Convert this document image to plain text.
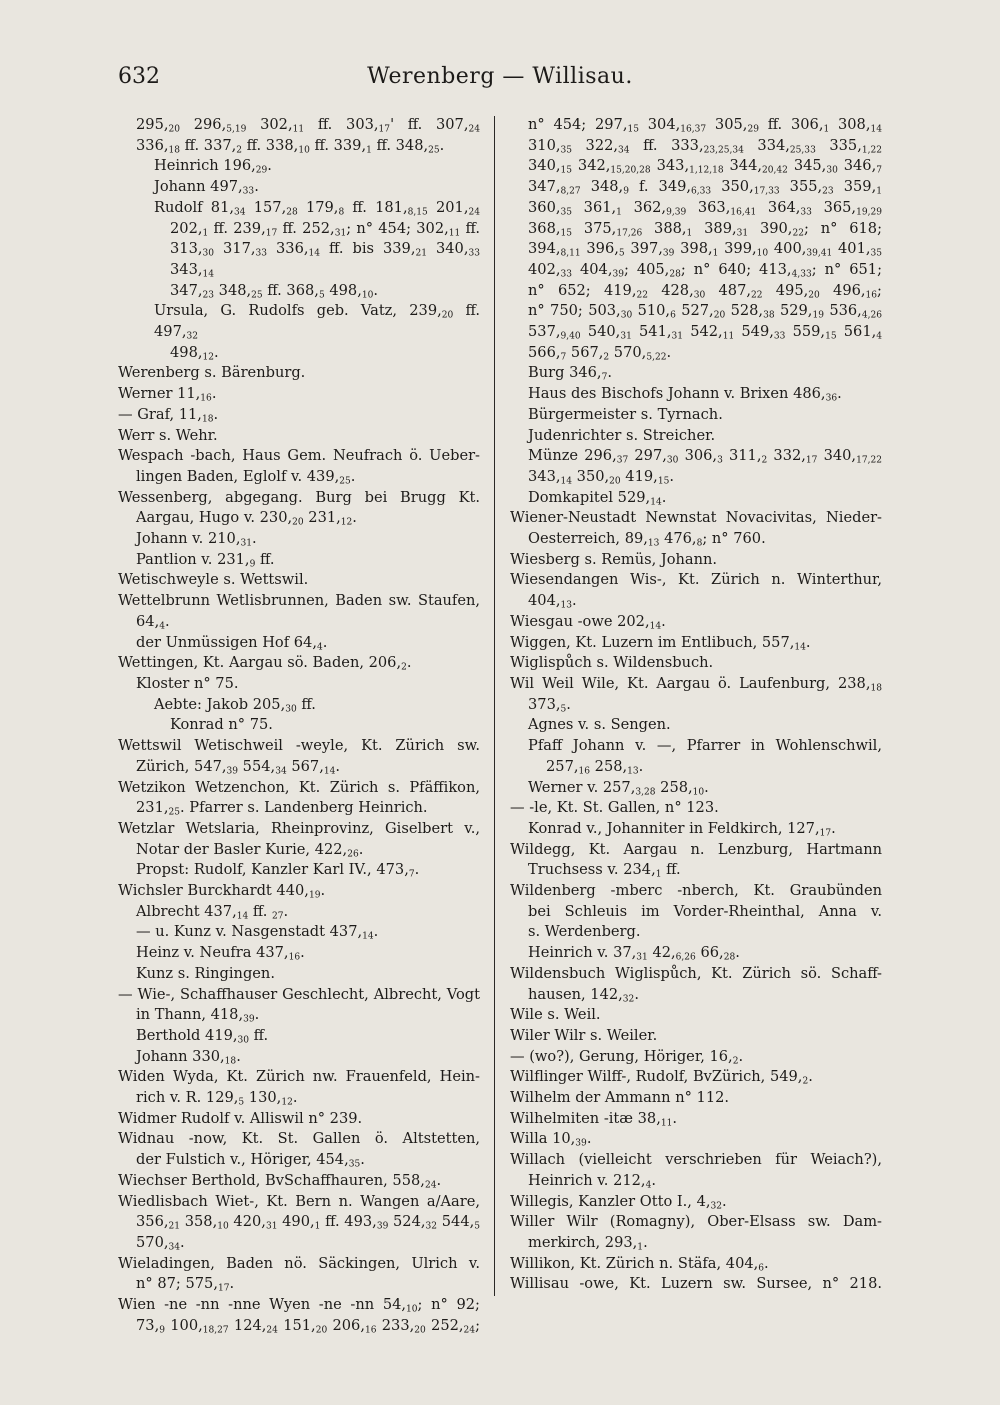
632	Werenberg — Willisau.
$295,_{20}$ $296,_{5,19}$ $302,_{11}$ ff. $303,_{17}'$ ff. $307,_{24}$
$336,_{18}$ ff. $337,_2$ ff. $338,_{10}$ ff. $339,_1$ ff. $348,_{25}$.
Heinrich $196,_{29}$.
Johann $497,_{33}$.
Rudolf $81,_{34}$ $157,_{28}$ $179,_8$ ff. $181,_{8,15}$ $201,_{24}$
$202,_1$ ff. $239,_{17}$ ff. $252,_{31}$; n° 454; $302,_{11}$ ff.
$313,_{30}$ $317,_{33}$ $336,_{14}$ ff. bis $339,_{21}$ $340,_{33}$ $343,_{14}$
$347,_{23}$ $348,_{25}$ ff. $368,_5$ $498,_{10}$.
Ursula, G. Rudolfs geb. Vatz, $239,_{20}$ ff. $497,_{32}$
$498,_{12}$.
Werenberg s. Bärenburg.
Werner $11,_{16}$.
— Graf, $11,_{18}$.
Werr s. Wehr.
Wespach -bach, Haus Gem. Neufrach ö. Ueber-
lingen Baden, Eglolf v. $439,_{25}$.
Wessenberg, abgegang. Burg bei Brugg Kt.
Aargau, Hugo v. $230,_{20}$ $231,_{12}$.
Johann v. $210,_{31}$.
Pantlion v. $231,_9$ ff.
Wetischweyle s. Wettswil.
Wettelbrunn Wetlisbrunnen, Baden sw. Staufen,
$64,_4$.
der Unmüssigen Hof $64,_4$.
Wettingen, Kt. Aargau sö. Baden, $206,_2$.
Kloster n° 75.
Aebte: Jakob $205,_{30}$ ff.
Konrad n° 75.
Wettswil Wetischweil -weyle, Kt. Zürich sw.
Zürich, $547,_{39}$ $554,_{34}$ $567,_{14}$.
Wetzikon Wetzenchon, Kt. Zürich s. Pfäffikon,
$231,_{25}$. Pfarrer s. Landenberg Heinrich.
Wetzlar Wetslaria, Rheinprovinz, Giselbert v.,
Notar der Basler Kurie, $422,_{26}$.
Propst: Rudolf, Kanzler Karl IV., $473,_7$.
Wichsler Burckhardt $440,_{19}$.
Albrecht $437,_{14}$ ff. $_{27}$.
— u. Kunz v. Nasgenstadt $437,_{14}$.
Heinz v. Neufra $437,_{16}$.
Kunz s. Ringingen.
— Wie-, Schaffhauser Geschlecht, Albrecht, Vogt
in Thann, $418,_{39}$.
Berthold $419,_{30}$ ff.
Johann $330,_{18}$.
Widen Wyda, Kt. Zürich nw. Frauenfeld, Hein-
rich v. R. $129,_5$ $130,_{12}$.
Widmer Rudolf v. Alliswil n° 239.
Widnau -now, Kt. St. Gallen ö. Altstetten,
der Fulstich v., Höriger, $454,_{35}$.
Wiechser Berthold, BvSchaffhauren, $558,_{24}$.
Wiedlisbach Wiet-, Kt. Bern n. Wangen a/Aare,
$356,_{21}$ $358,_{10}$ $420,_{31}$ $490,_1$ ff. $493,_{39}$ $524,_{32}$ $544,_5$
$570,_{34}$.
Wieladingen, Baden nö. Säckingen, Ulrich v.
n° 87; $575,_{17}$.
Wien -ne -nn -nne Wyen -ne -nn $54,_{10}$; n° 92;
$73,_9$ $100,_{18,27}$ $124,_{24}$ $151,_{20}$ $206,_{16}$ $233,_{20}$ $252,_{24}$;
n° 454; $297,_{15}$ $304,_{16,37}$ $305,_{29}$ ff. $306,_1$ $308,_{14}$
$310,_{35}$ $322,_{34}$ ff. $333,_{23,25,34}$ $334,_{25,33}$ $335,_{1,22}$
$340,_{15}$ $342,_{15,20,28}$ $343,_{1,12,18}$ $344,_{20,42}$ $345,_{30}$ $346,_7$
$347,_{8,27}$ $348,_9$ f. $349,_{6,33}$ $350,_{17,33}$ $355,_{23}$ $359,_1$
$360,_{35}$ $361,_1$ $362,_{9,39}$ $363,_{16,41}$ $364,_{33}$ $365,_{19,29}$
$368,_{15}$ $375,_{17,26}$ $388,_1$ $389,_{31}$ $390,_{22}$; n° 618;
$394,_{8,11}$ $396,_5$ $397,_{39}$ $398,_1$ $399,_{10}$ $400,_{39,41}$ $401,_{35}$
$402,_{33}$ $404,_{39}$; $405,_{28}$; n° 640; $413,_{4,33}$; n° 651;
n° 652; $419,_{22}$ $428,_{30}$ $487,_{22}$ $495,_{20}$ $496,_{16}$;
n° 750; $503,_{30}$ $510,_6$ $527,_{20}$ $528,_{38}$ $529,_{19}$ $536,_{4,26}$
$537,_{9,40}$ $540,_{31}$ $541,_{31}$ $542,_{11}$ $549,_{33}$ $559,_{15}$ $561,_4$
$566,_7$ $567,_2$ $570,_{5,22}$.
Burg $346,_7$.
Haus des Bischofs Johann v. Brixen $486,_{36}$.
Bürgermeister s. Tyrnach.
Judenrichter s. Streicher.
Münze $296,_{37}$ $297,_{30}$ $306,_3$ $311,_2$ $332,_{17}$ $340,_{17,22}$
$343,_{14}$ $350,_{20}$ $419,_{15}$.
Domkapitel $529,_{14}$.
Wiener-Neustadt Newnstat Novacivitas, Nieder-
Oesterreich, $89,_{13}$ $476,_8$; n° 760.
Wiesberg s. Remüs, Johann.
Wiesendangen Wis-, Kt. Zürich n. Winterthur,
$404,_{13}$.
Wiesgau -owe $202,_{14}$.
Wiggen, Kt. Luzern im Entlibuch, $557,_{14}$.
Wiglispůch s. Wildensbuch.
Wil Weil Wile, Kt. Aargau ö. Laufenburg, $238,_{18}$
$373,_5$.
Agnes v. s. Sengen.
Pfaff Johann v. —, Pfarrer in Wohlenschwil,
$257,_{16}$ $258,_{13}$.
Werner v. $257,_{3,28}$ $258,_{10}$.
— -le, Kt. St. Gallen, n° 123.
Konrad v., Johanniter in Feldkirch, $127,_{17}$.
Wildegg, Kt. Aargau n. Lenzburg, Hartmann
Truchsess v. $234,_1$ ff.
Wildenberg -mberc -nberch, Kt. Graubünden
bei Schleuis im Vorder-Rheinthal, Anna v.
s. Werdenberg.
Heinrich v. $37,_{31}$ $42,_{6,26}$ $66,_{28}$.
Wildensbuch Wiglispůch, Kt. Zürich sö. Schaff-
hausen, $142,_{32}$.
Wile s. Weil.
Wiler Wilr s. Weiler.
— (wo?), Gerung, Höriger, $16,_2$.
Wilflinger Wilff-, Rudolf, BvZürich, $549,_2$.
Wilhelm der Ammann n° 112.
Wilhelmiten -itæ $38,_{11}$.
Willa $10,_{39}$.
Willach (vielleicht verschrieben für Weiach?),
Heinrich v. $212,_4$.
Willegis, Kanzler Otto I., $4,_{32}$.
Willer Wilr (Romagny), Ober-Elsass sw. Dam-
merkirch, $293,_1$.
Willikon, Kt. Zürich n. Stäfa, $404,_6$.
Willisau -owe, Kt. Luzern sw. Sursee, n° 218.
